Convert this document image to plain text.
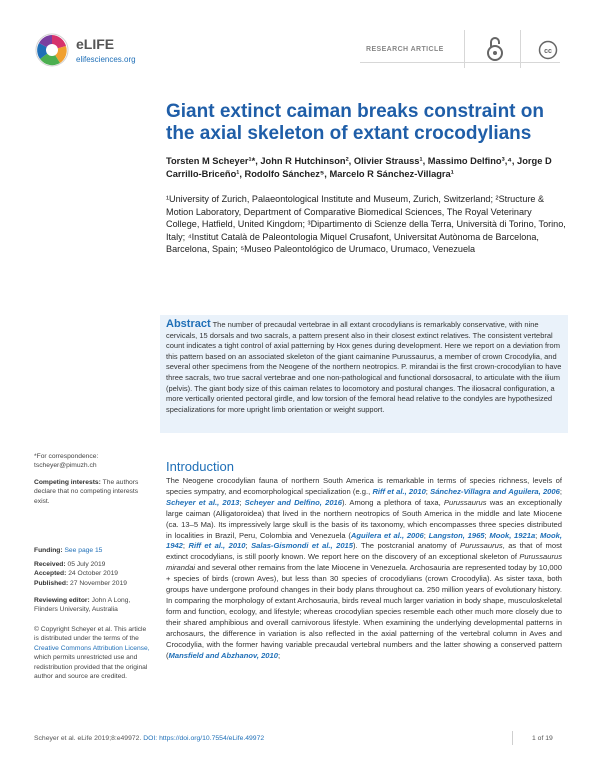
eLIFE
elifesciences.org
RESEARCH ARTICLE	cc
Giant extinct caiman breaks constraint on the axial skeleton of extant crocodylians
Torsten M Scheyer¹*, John R Hutchinson², Olivier Strauss¹, Massimo Delfino³,⁴, Jorge D Carrillo-Briceño¹, Rodolfo Sánchez⁵, Marcelo R Sánchez-Villagra¹
¹University of Zurich, Palaeontological Institute and Museum, Zurich, Switzerland; ²Structure & Motion Laboratory, Department of Comparative Biomedical Sciences, The Royal Veterinary College, Hatfield, United Kingdom; ³Dipartimento di Scienze della Terra, Università di Torino, Torino, Italy; ⁴Institut Català de Paleontologia Miquel Crusafont, Universitat Autònoma de Barcelona, Barcelona, Spain; ⁵Museo Paleontológico de Urumaco, Urumaco, Venezuela
Abstract The number of precaudal vertebrae in all extant crocodylians is remarkably conservative, with nine cervicals, 15 dorsals and two sacrals, a pattern present also in their closest extinct relatives. The consistent vertebral count indicates a tight control of axial patterning by Hox genes during development. Here we report on a deviation from this pattern based on an associated skeleton of the giant caimanine Purussaurus, a member of crown Crocodylia, and several other specimens from the Neogene of the northern neotropics. P. mirandai is the first crown-crocodylian to have three sacrals, two true sacral vertebrae and one non-pathological and functional dorsosacral, to articulate with the ilium (pelvis). The giant body size of this caiman relates to locomotory and postural changes. The iliosacral configuration, a more vertically oriented pectoral girdle, and low torsion of the femoral head relative to the condyles are hypothesized specializations for more upright limb orientation or weight support.
*For correspondence:
tscheyer@pimuzh.ch
Competing interests: The authors declare that no competing interests exist.
Funding: See page 15
Received: 05 July 2019
Accepted: 24 October 2019
Published: 27 November 2019
Reviewing editor: John A Long, Flinders University, Australia
© Copyright Scheyer et al. This article is distributed under the terms of the Creative Commons Attribution License, which permits unrestricted use and redistribution provided that the original author and source are credited.
Introduction
The Neogene crocodylian fauna of northern South America is remarkable in terms of species richness, levels of species sympatry, and ecomorphological specialization (e.g., Riff et al., 2010; Sánchez-Villagra and Aguilera, 2006; Scheyer et al., 2013; Scheyer and Delfino, 2016). Among a plethora of taxa, Purussaurus was an exceptionally large caiman (Alligatoroidea) that lived in the northern neotropics of South America in the middle and late Miocene (ca. 13–5 Ma). Its impressively large skull is the basis of its taxonomy, which encompasses three species distributed in localities in Brazil, Peru, Colombia and Venezuela (Aguilera et al., 2006; Langston, 1965; Mook, 1921a; Mook, 1942; Riff et al., 2010; Salas-Gismondi et al., 2015). The postcranial anatomy of Purussaurus, as that of most extinct crocodylians, is still poorly known. We report here on the discovery of an exceptional skeleton of Purussaurus mirandai and several other remains from the late Miocene in Venezuela. Archosauria are represented today by 10,000 + species of birds (crown Aves), but less than 30 species of crocodylians (crown Crocodylia). As sister taxa, both groups have undergone profound changes in their body plans throughout ca. 250 million years of evolutionary history. In comparing the morphology of extant Archosauria, birds reveal much larger variation in body shape, musculoskeletal form and function, ecology, and lifestyle; whereas crocodylian species resemble each other much more closely due to their shared amphibious and overall carnivorous lifestyle. When examining the underlying developmental patterns in archosaurs, the difference in variation is also reflected in the axial patterning of the vertebral column in Aves and Crocodylia, with the former having variable precaudal vertebral numbers and the latter showing a conserved pattern (Mansfield and Abzhanov, 2010;
Scheyer et al. eLife 2019;8:e49972. DOI: https://doi.org/10.7554/eLife.49972	1 of 19
